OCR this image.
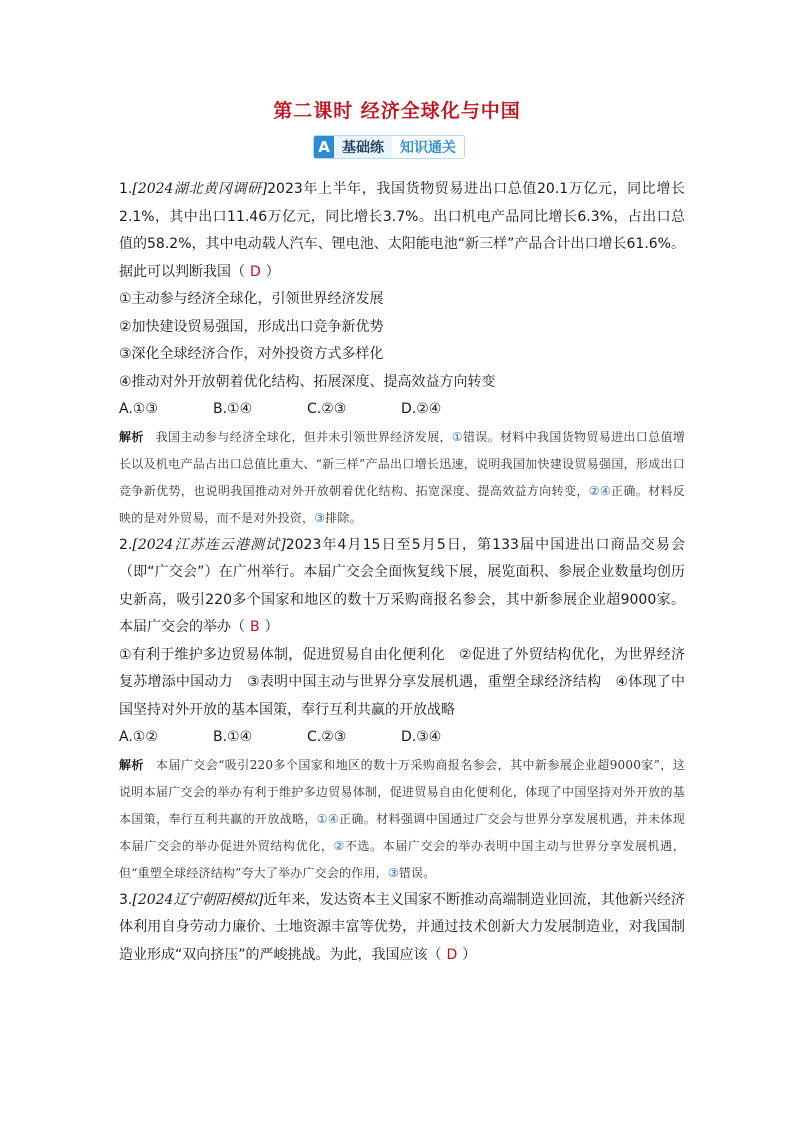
第二课时 经济全球化与中国
A 基础练	知识通关
1.[2024湖北黄冈调研]2023年上半年，我国货物贸易进出口总值20.1万亿元，同比增长2.1%，其中出口11.46万亿元，同比增长3.7%。出口机电产品同比增长6.3%，占出口总值的58.2%，其中电动载人汽车、锂电池、太阳能电池“新三样”产品合计出口增长61.6%。据此可以判断我国（ D ）
①主动参与经济全球化，引领世界经济发展
②加快建设贸易强国，形成出口竞争新优势
③深化全球经济合作，对外投资方式多样化
④推动对外开放朝着优化结构、拓展深度、提高效益方向转变
A.①③	B.①④	C.②③	D.②④
解析 我国主动参与经济全球化，但并未引领世界经济发展，①错误。材料中我国货物贸易进出口总值增长以及机电产品占出口总值比重大、“新三样”产品出口增长迅速，说明我国加快建设贸易强国，形成出口竞争新优势，也说明我国推动对外开放朝着优化结构、拓宽深度、提高效益方向转变，②④正确。材料反映的是对外贸易，而不是对外投资，③排除。
2.[2024江苏连云港测试]2023年4月15日至5月5日，第133届中国进出口商品交易会（即“广交会”）在广州举行。本届广交会全面恢复线下展，展览面积、参展企业数量均创历史新高，吸引220多个国家和地区的数十万采购商报名参会，其中新参展企业超9000家。本届广交会的举办（ B ）
①有利于维护多边贸易体制，促进贸易自由化便利化　②促进了外贸结构优化，为世界经济复苏增添中国动力　③表明中国主动与世界分享发展机遇，重塑全球经济结构　④体现了中国坚持对外开放的基本国策，奉行互利共赢的开放战略
A.①②	B.①④	C.②③	D.③④
解析 本届广交会“吸引220多个国家和地区的数十万采购商报名参会，其中新参展企业超9000家”，这说明本届广交会的举办有利于维护多边贸易体制，促进贸易自由化便利化，体现了中国坚持对外开放的基本国策，奉行互利共赢的开放战略，①④正确。材料强调中国通过广交会与世界分享发展机遇，并未体现本届广交会的举办促进外贸结构优化，②不选。本届广交会的举办表明中国主动与世界分享发展机遇，但“重塑全球经济结构”夸大了举办广交会的作用，③错误。
3.[2024辽宁朝阳模拟]近年来，发达资本主义国家不断推动高端制造业回流，其他新兴经济体利用自身劳动力廉价、土地资源丰富等优势，并通过技术创新大力发展制造业，对我国制造业形成“双向挤压”的严峻挑战。为此，我国应该（ D ）
